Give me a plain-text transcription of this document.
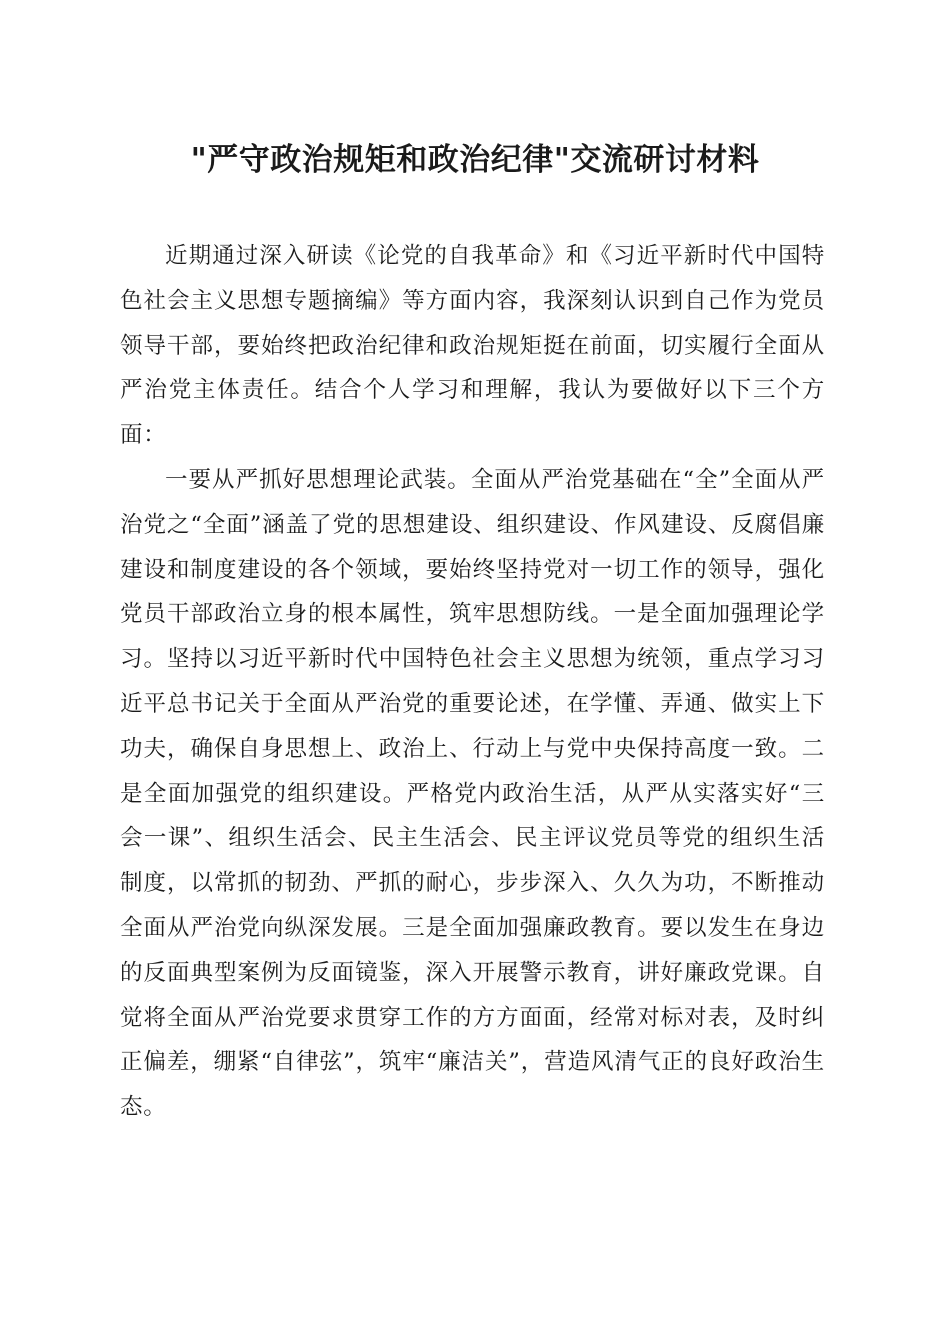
"严守政治规矩和政治纪律"交流研讨材料

近期通过深入研读《论党的自我革命》和《习近平新时代中国特色社会主义思想专题摘编》等方面内容，我深刻认识到自己作为党员领导干部，要始终把政治纪律和政治规矩挺在前面，切实履行全面从严治党主体责任。结合个人学习和理解，我认为要做好以下三个方面：

一要从严抓好思想理论武装。全面从严治党基础在“全”全面从严治党之“全面”涵盖了党的思想建设、组织建设、作风建设、反腐倡廉建设和制度建设的各个领域，要始终坚持党对一切工作的领导，强化党员干部政治立身的根本属性，筑牢思想防线。一是全面加强理论学习。坚持以习近平新时代中国特色社会主义思想为统领，重点学习习近平总书记关于全面从严治党的重要论述，在学懂、弄通、做实上下功夫，确保自身思想上、政治上、行动上与党中央保持高度一致。二是全面加强党的组织建设。严格党内政治生活，从严从实落实好“三会一课”、组织生活会、民主生活会、民主评议党员等党的组织生活制度，以常抓的韧劲、严抓的耐心，步步深入、久久为功，不断推动全面从严治党向纵深发展。三是全面加强廉政教育。要以发生在身边的反面典型案例为反面镜鉴，深入开展警示教育，讲好廉政党课。自觉将全面从严治党要求贯穿工作的方方面面，经常对标对表，及时纠正偏差，绷紧“自律弦”，筑牢“廉洁关”，营造风清气正的良好政治生态。
